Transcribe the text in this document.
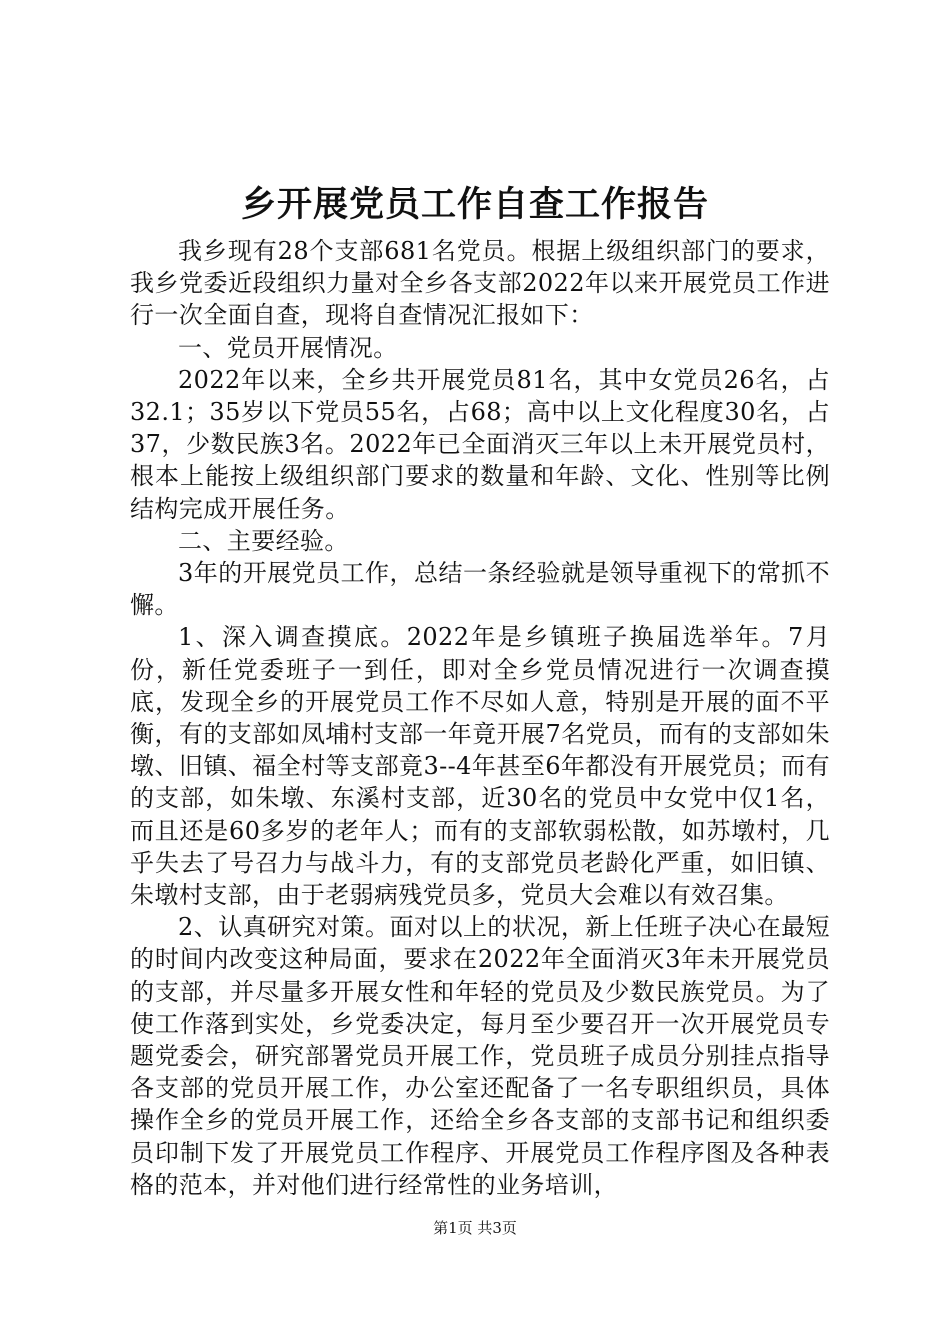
乡开展党员工作自查工作报告

我乡现有28个支部681名党员。根据上级组织部门的要求，我乡党委近段组织力量对全乡各支部2022年以来开展党员工作进行一次全面自查，现将自查情况汇报如下：

一、党员开展情况。

2022年以来，全乡共开展党员81名，其中女党员26名，占32.1；35岁以下党员55名，占68；高中以上文化程度30名，占37，少数民族3名。2022年已全面消灭三年以上未开展党员村，根本上能按上级组织部门要求的数量和年龄、文化、性别等比例结构完成开展任务。

二、主要经验。

3年的开展党员工作，总结一条经验就是领导重视下的常抓不懈。

1、深入调查摸底。2022年是乡镇班子换届选举年。7月份，新任党委班子一到任，即对全乡党员情况进行一次调查摸底，发现全乡的开展党员工作不尽如人意，特别是开展的面不平衡，有的支部如凤埔村支部一年竟开展7名党员，而有的支部如朱墩、旧镇、福全村等支部竟3--4年甚至6年都没有开展党员；而有的支部，如朱墩、东溪村支部，近30名的党员中女党中仅1名，而且还是60多岁的老年人；而有的支部软弱松散，如苏墩村，几乎失去了号召力与战斗力，有的支部党员老龄化严重，如旧镇、朱墩村支部，由于老弱病残党员多，党员大会难以有效召集。

2、认真研究对策。面对以上的状况，新上任班子决心在最短的时间内改变这种局面，要求在2022年全面消灭3年未开展党员的支部，并尽量多开展女性和年轻的党员及少数民族党员。为了使工作落到实处，乡党委决定，每月至少要召开一次开展党员专题党委会，研究部署党员开展工作，党员班子成员分别挂点指导各支部的党员开展工作，办公室还配备了一名专职组织员，具体操作全乡的党员开展工作，还给全乡各支部的支部书记和组织委员印制下发了开展党员工作程序、开展党员工作程序图及各种表格的范本，并对他们进行经常性的业务培训，

第1页 共3页
